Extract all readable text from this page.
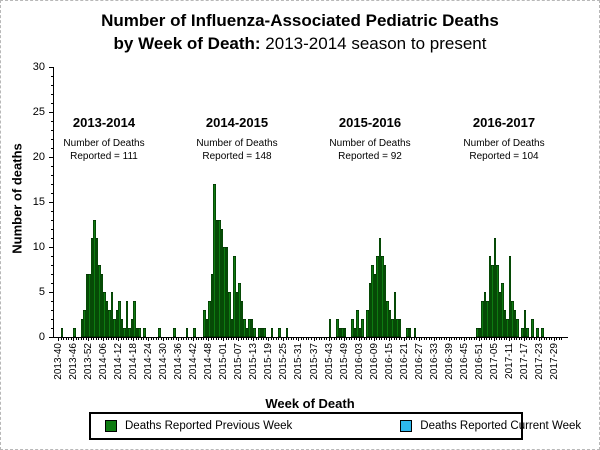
Number of Influenza-Associated Pediatric Deaths
by Week of Death: 2013-2014 season to present
Number of deaths
0
5
10
15
20
25
30
2013-40 2013-46 2013-52 2014-06 2014-12 2014-18 2014-24 2014-30 2014-36 2014-42 2014-48 2015-01 2015-07 2015-13 2015-19 2015-25 2015-31 2015-37 2015-43 2015-49 2016-03 2016-09 2016-15 2016-21 2016-27 2016-33 2016-39 2016-45 2016-51 2017-05 2017-11 2017-17 2017-23 2017-29
2013-2014
Number of Deaths
Reported = 111
2014-2015
Number of Deaths
Reported = 148
2015-2016
Number of Deaths
Reported = 92
2016-2017
Number of Deaths
Reported = 104
Week of Death
Deaths Reported Previous Week	Deaths Reported Current Week
